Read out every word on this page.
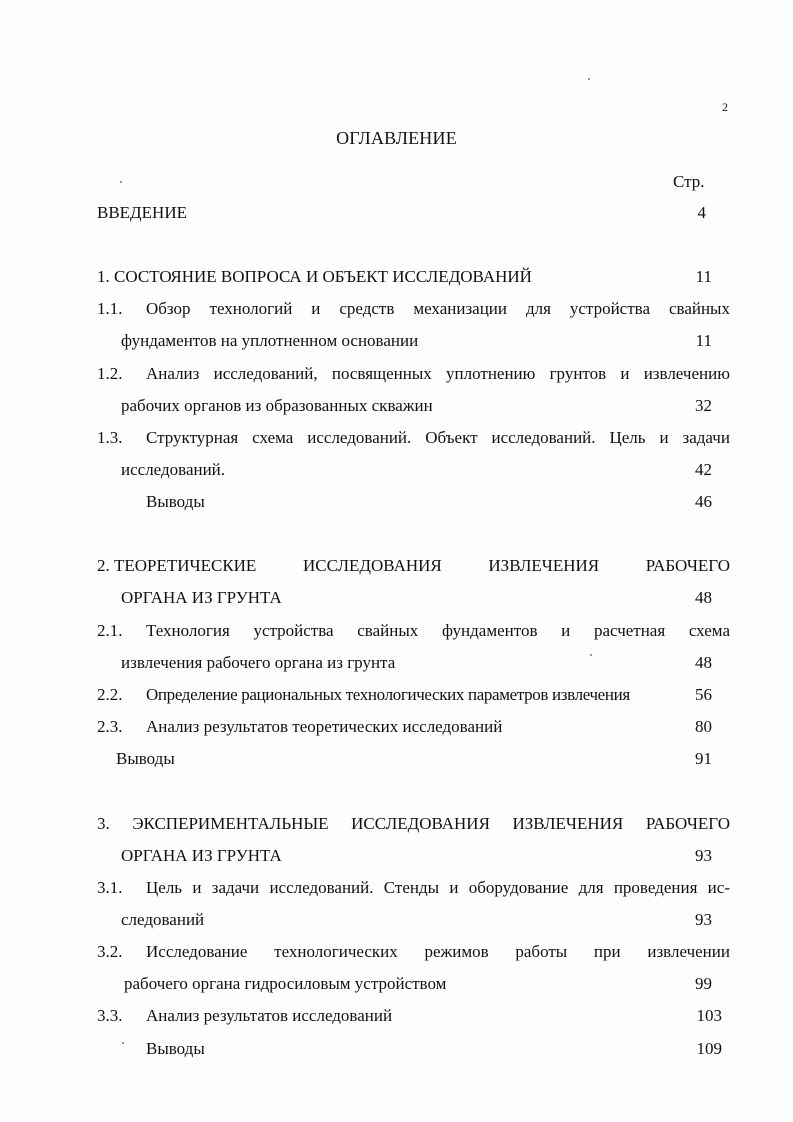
2
ОГЛАВЛЕНИЕ
Стр.
ВВЕДЕНИЕ	4
1. СОСТОЯНИЕ ВОПРОСА И ОБЪЕКТ ИССЛЕДОВАНИЙ	11
1.1. Обзор технологий и средств механизации для устройства свайных
фундаментов на уплотненном основании	11
1.2. Анализ исследований, посвященных уплотнению грунтов и извлечению
рабочих органов из образованных скважин	32
1.3. Структурная схема исследований. Объект исследований. Цель и задачи
исследований.	42
Выводы	46
2. ТЕОРЕТИЧЕСКИЕ	ИССЛЕДОВАНИЯ	ИЗВЛЕЧЕНИЯ	РАБОЧЕГО
ОРГАНА ИЗ ГРУНТА	48
2.1. Технология устройства свайных фундаментов и расчетная схема
извлечения рабочего органа из грунта	48
2.2. Определение рациональных технологических параметров извлечения	56
2.3. Анализ результатов теоретических исследований	80
Выводы	91
3. ЭКСПЕРИМЕНТАЛЬНЫЕ ИССЛЕДОВАНИЯ ИЗВЛЕЧЕНИЯ РАБОЧЕГО
ОРГАНА ИЗ ГРУНТА	93
3.1. Цель и задачи исследований. Стенды и оборудование для проведения ис-
следований	93
3.2. Исследование технологических режимов работы при извлечении
рабочего органа гидросиловым устройством	99
3.3. Анализ результатов исследований	103
Выводы	109
